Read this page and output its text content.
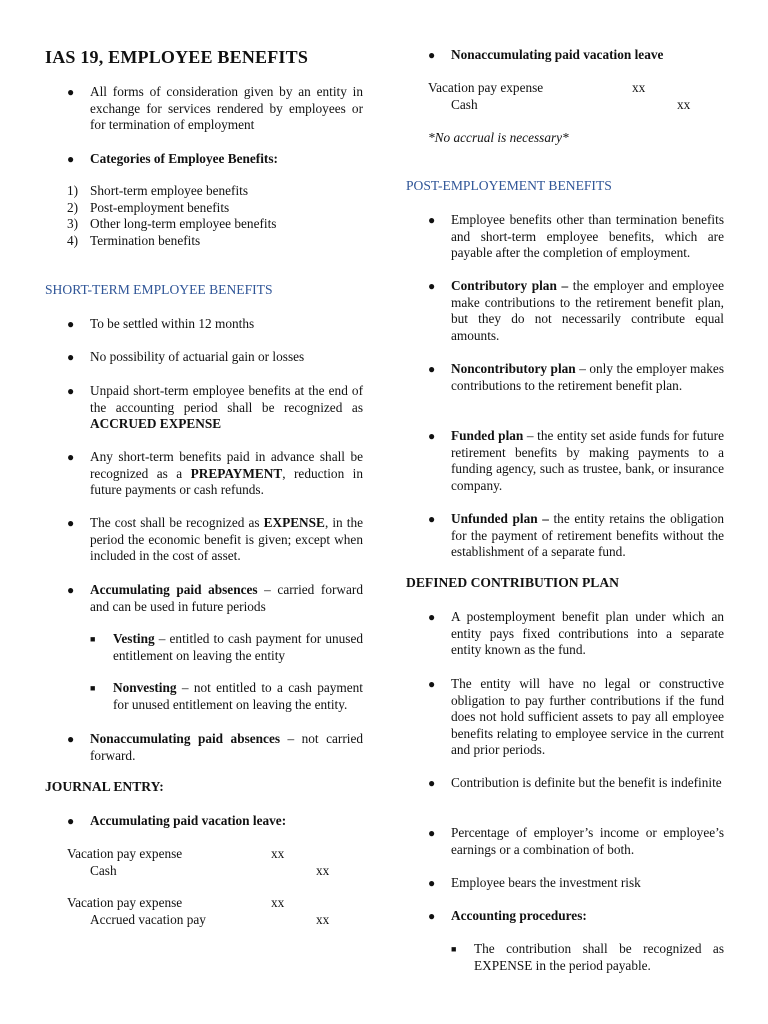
IAS 19, EMPLOYEE BENEFITS
● All forms of consideration given by an entity in exchange for services rendered by employees or for termination of employment
● Categories of Employee Benefits:
1) Short-term employee benefits
2) Post-employment benefits
3) Other long-term employee benefits
4) Termination benefits
SHORT-TERM EMPLOYEE BENEFITS
● To be settled within 12 months
● No possibility of actuarial gain or losses
● Unpaid short-term employee benefits at the end of the accounting period shall be recognized as ACCRUED EXPENSE
● Any short-term benefits paid in advance shall be recognized as a PREPAYMENT, reduction in future payments or cash refunds.
● The cost shall be recognized as EXPENSE, in the period the economic benefit is given; except when included in the cost of asset.
● Accumulating paid absences – carried forward and can be used in future periods
■ Vesting – entitled to cash payment for unused entitlement on leaving the entity
■ Nonvesting – not entitled to a cash payment for unused entitlement on leaving the entity.
● Nonaccumulating paid absences – not carried forward.
JOURNAL ENTRY:
● Accumulating paid vacation leave:
Vacation pay expense	xx
Cash	xx
Vacation pay expense	xx
Accrued vacation pay	xx
● Nonaccumulating paid vacation leave
Vacation pay expense	xx
Cash	xx
*No accrual is necessary*
POST-EMPLOYEMENT BENEFITS
● Employee benefits other than termination benefits and short-term employee benefits, which are payable after the completion of employment.
● Contributory plan – the employer and employee make contributions to the retirement benefit plan, but they do not necessarily contribute equal amounts.
● Noncontributory plan – only the employer makes contributions to the retirement benefit plan.
● Funded plan – the entity set aside funds for future retirement benefits by making payments to a funding agency, such as trustee, bank, or insurance company.
● Unfunded plan – the entity retains the obligation for the payment of retirement benefits without the establishment of a separate fund.
DEFINED CONTRIBUTION PLAN
● A postemployment benefit plan under which an entity pays fixed contributions into a separate entity known as the fund.
● The entity will have no legal or constructive obligation to pay further contributions if the fund does not hold sufficient assets to pay all employee benefits relating to employee service in the current and prior periods.
● Contribution is definite but the benefit is indefinite
● Percentage of employer’s income or employee’s earnings or a combination of both.
● Employee bears the investment risk
● Accounting procedures:
■ The contribution shall be recognized as EXPENSE in the period payable.
